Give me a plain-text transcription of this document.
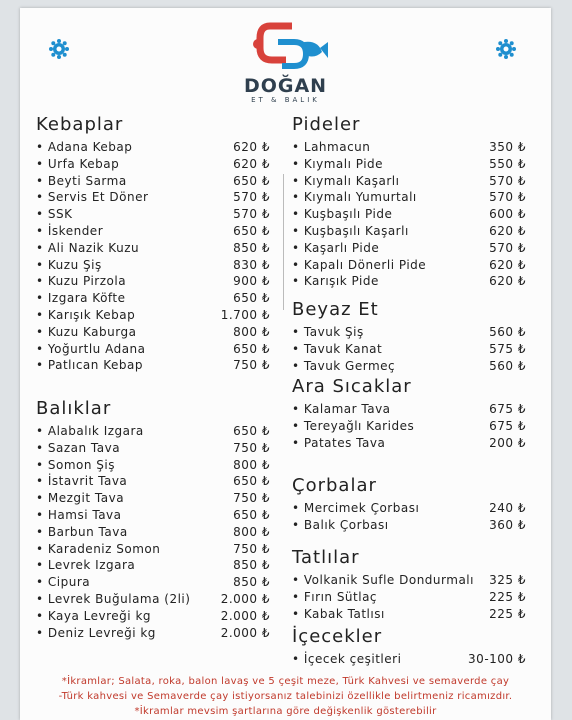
DOĞAN
ET & BALIK
Kebaplar
• Adana Kebap	620 ₺
• Urfa Kebap	620 ₺
• Beyti Sarma	650 ₺
• Servis Et Döner	570 ₺
• SSK	570 ₺
• İskender	650 ₺
• Ali Nazik Kuzu	850 ₺
• Kuzu Şiş	830 ₺
• Kuzu Pirzola	900 ₺
• Izgara Köfte	650 ₺
• Karışık Kebap	1.700 ₺
• Kuzu Kaburga	800 ₺
• Yoğurtlu Adana	650 ₺
• Patlıcan Kebap	750 ₺
Balıklar
• Alabalık Izgara	650 ₺
• Sazan Tava	750 ₺
• Somon Şiş	800 ₺
• İstavrit Tava	650 ₺
• Mezgit Tava	750 ₺
• Hamsi Tava	650 ₺
• Barbun Tava	800 ₺
• Karadeniz Somon	750 ₺
• Levrek Izgara	850 ₺
• Cipura	850 ₺
• Levrek Buğulama (2li)	2.000 ₺
• Kaya Levreği kg	2.000 ₺
• Deniz Levreği kg	2.000 ₺
Pideler
• Lahmacun	350 ₺
• Kıymalı Pide	550 ₺
• Kıymalı Kaşarlı	570 ₺
• Kıymalı Yumurtalı	570 ₺
• Kuşbaşılı Pide	600 ₺
• Kuşbaşılı Kaşarlı	620 ₺
• Kaşarlı Pide	570 ₺
• Kapalı Dönerli Pide	620 ₺
• Karışık Pide	620 ₺
Beyaz Et
• Tavuk Şiş	560 ₺
• Tavuk Kanat	575 ₺
• Tavuk Germeç	560 ₺
Ara Sıcaklar
• Kalamar Tava	675 ₺
• Tereyağlı Karides	675 ₺
• Patates Tava	200 ₺
Çorbalar
• Mercimek Çorbası	240 ₺
• Balık Çorbası	360 ₺
Tatlılar
• Volkanik Sufle Dondurmalı 325 ₺
• Fırın Sütlaç	225 ₺
• Kabak Tatlısı	225 ₺
İçecekler
• İçecek çeşitleri	30-100 ₺
*İkramlar; Salata, roka, balon lavaş ve 5 çeşit meze, Türk Kahvesi ve semaverde çay
-Türk kahvesi ve Semaverde çay istiyorsanız talebinizi özellikle belirtmeniz ricamızdır.
*İkramlar mevsim şartlarına göre değişkenlik gösterebilir
